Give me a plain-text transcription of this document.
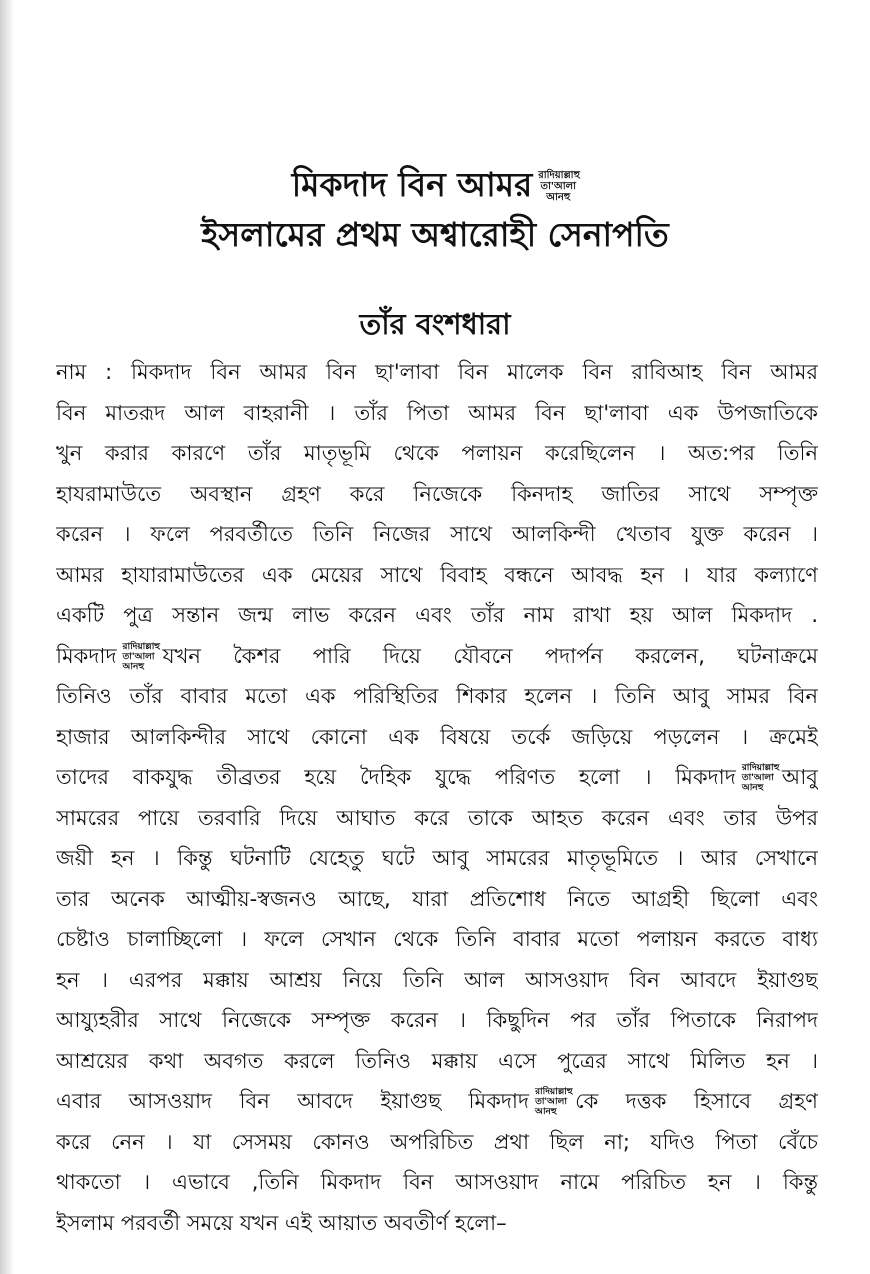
মিকদাদ বিন আমর রাদিয়াল্লাহু
তা'আলা
আনহু
ইসলামের প্রথম অশ্বারোহী সেনাপতি
তাঁর বংশধারা
নাম : মিকদাদ বিন আমর বিন ছা'লাবা বিন মালেক বিন রাবিআহ বিন আমর
বিন মাতরূদ আল বাহরানী । তাঁর পিতা আমর বিন ছা'লাবা এক উপজাতিকে
খুন করার কারণে তাঁর মাতৃভূমি থেকে পলায়ন করেছিলেন । অত:পর তিনি
হাযরামাউতে অবস্থান গ্রহণ করে নিজেকে কিনদাহ জাতির সাথে সম্পৃক্ত
করেন । ফলে পরবর্তীতে তিনি নিজের সাথে আলকিন্দী খেতাব যুক্ত করেন ।
আমর হাযারামাউতের এক মেয়ের সাথে বিবাহ বন্ধনে আবদ্ধ হন । যার কল্যাণে
একটি পুত্র সন্তান জন্ম লাভ করেন এবং তাঁর নাম রাখা হয় আল মিকদাদ .
মিকদাদ রাদিয়াল্লাহু
তা'আলা
আনহু যখন কৈশর পারি দিয়ে যৌবনে পদার্পন করলেন, ঘটনাক্রমে
তিনিও তাঁর বাবার মতো এক পরিস্থিতির শিকার হলেন । তিনি আবু সামর বিন
হাজার আলকিন্দীর সাথে কোনো এক বিষয়ে তর্কে জড়িয়ে পড়লেন । ক্রমেই
তাদের বাকযুদ্ধ তীব্রতর হয়ে দৈহিক যুদ্ধে পরিণত হলো । মিকদাদ রাদিয়াল্লাহু
তা'আলা
আনহু আবু
সামরের পায়ে তরবারি দিয়ে আঘাত করে তাকে আহত করেন এবং তার উপর
জয়ী হন । কিন্তু ঘটনাটি যেহেতু ঘটে আবু সামরের মাতৃভূমিতে । আর সেখানে
তার অনেক আত্মীয়-স্বজনও আছে, যারা প্রতিশোধ নিতে আগ্রহী ছিলো এবং
চেষ্টাও চালাচ্ছিলো । ফলে সেখান থেকে তিনি বাবার মতো পলায়ন করতে বাধ্য
হন । এরপর মক্কায় আশ্রয় নিয়ে তিনি আল আসওয়াদ বিন আবদে ইয়াগুছ
আয্যুহরীর সাথে নিজেকে সম্পৃক্ত করেন । কিছুদিন পর তাঁর পিতাকে নিরাপদ
আশ্রয়ের কথা অবগত করলে তিনিও মক্কায় এসে পুত্রের সাথে মিলিত হন ।
এবার আসওয়াদ বিন আবদে ইয়াগুছ মিকদাদ রাদিয়াল্লাহু
তা'আলা
আনহু কে দত্তক হিসাবে গ্রহণ
করে নেন । যা সেসময় কোনও অপরিচিত প্রথা ছিল না; যদিও পিতা বেঁচে
থাকতো । এভাবে ,তিনি মিকদাদ বিন আসওয়াদ নামে পরিচিত হন । কিন্তু
ইসলাম পরবর্তী সময়ে যখন এই আয়াত অবতীর্ণ হলো–
